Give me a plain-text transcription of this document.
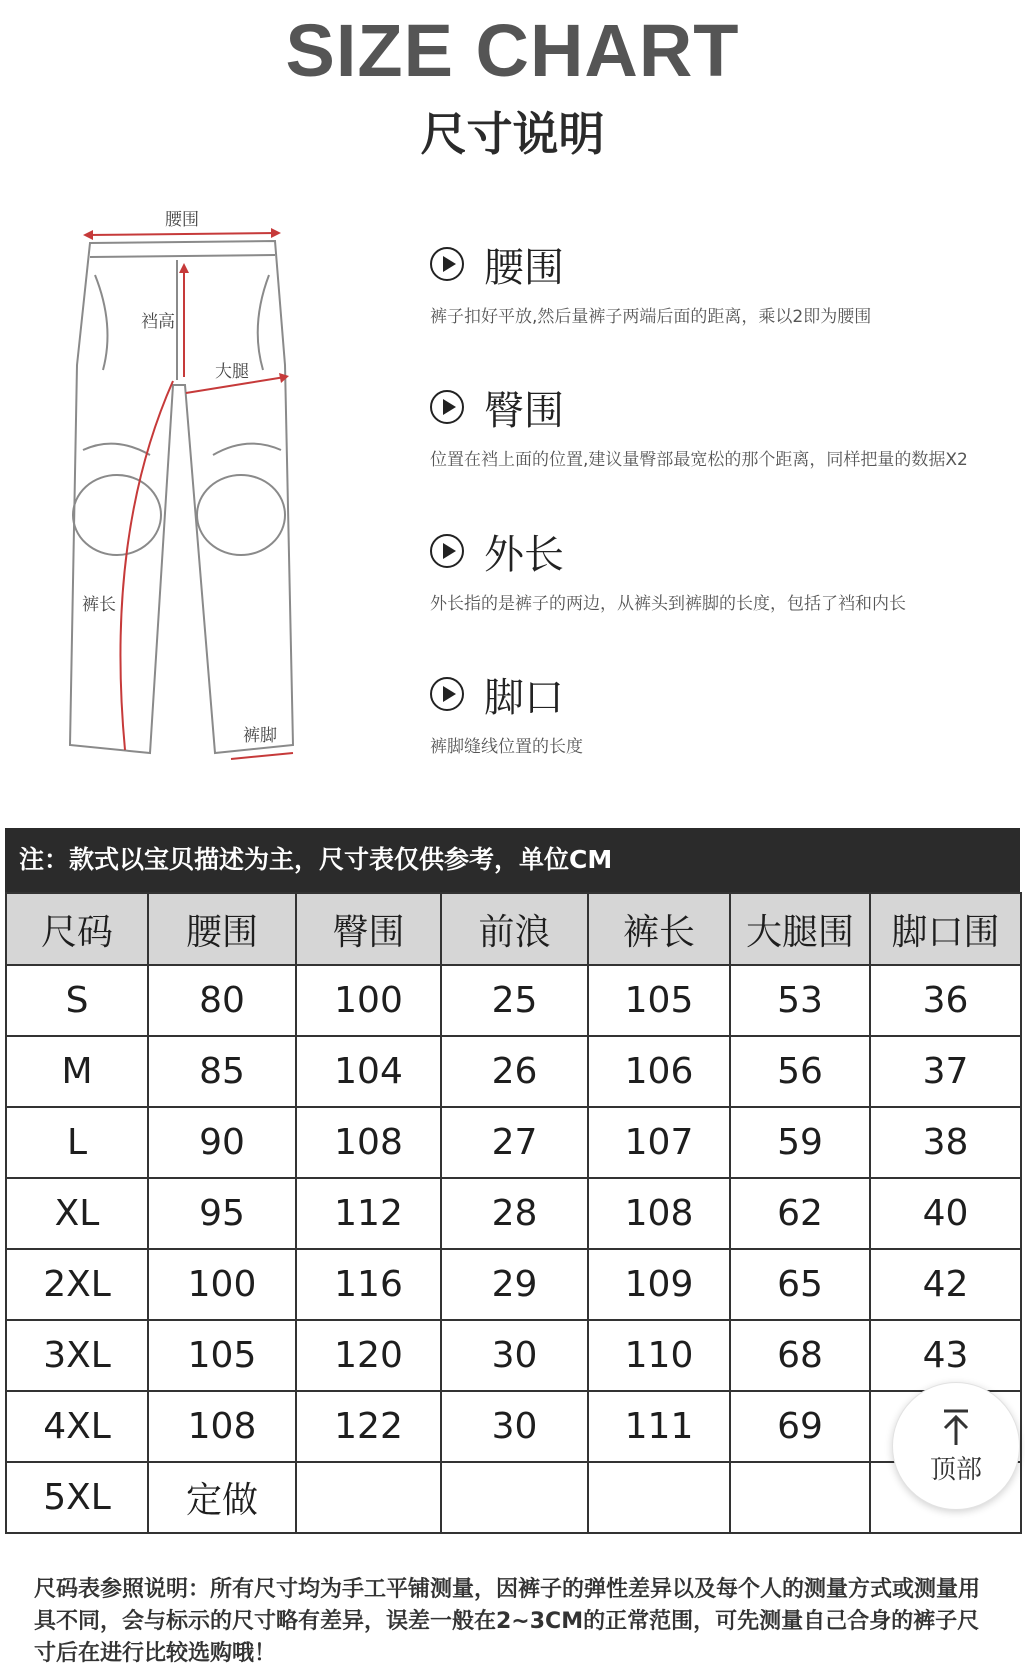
SIZE CHART
尺寸说明
腰围
裆高
大腿
裤长
裤脚
腰围
裤子扣好平放,然后量裤子两端后面的距离，乘以2即为腰围
臀围
位置在裆上面的位置,建议量臀部最宽松的那个距离，同样把量的数据X2
外长
外长指的是裤子的两边，从裤头到裤脚的长度，包括了裆和内长
脚口
裤脚缝线位置的长度
注：款式以宝贝描述为主，尺寸表仅供参考，单位CM
尺码	腰围	臀围	前浪	裤长	大腿围	脚口围
S	80	100	25	105	53	36
M	85	104	26	106	56	37
L	90	108	27	107	59	38
XL	95	112	28	108	62	40
2XL	100	116	29	109	65	42
3XL	105	120	30	110	68	43
4XL	108	122	30	111	69	
5XL	定做					

尺码表参照说明：所有尺寸均为手工平铺测量，因裤子的弹性差异以及每个人的测量方式或测量用具不同，会与标示的尺寸略有差异，误差一般在2~3CM的正常范围，可先测量自己合身的裤子尺寸后在进行比较选购哦！

顶部
